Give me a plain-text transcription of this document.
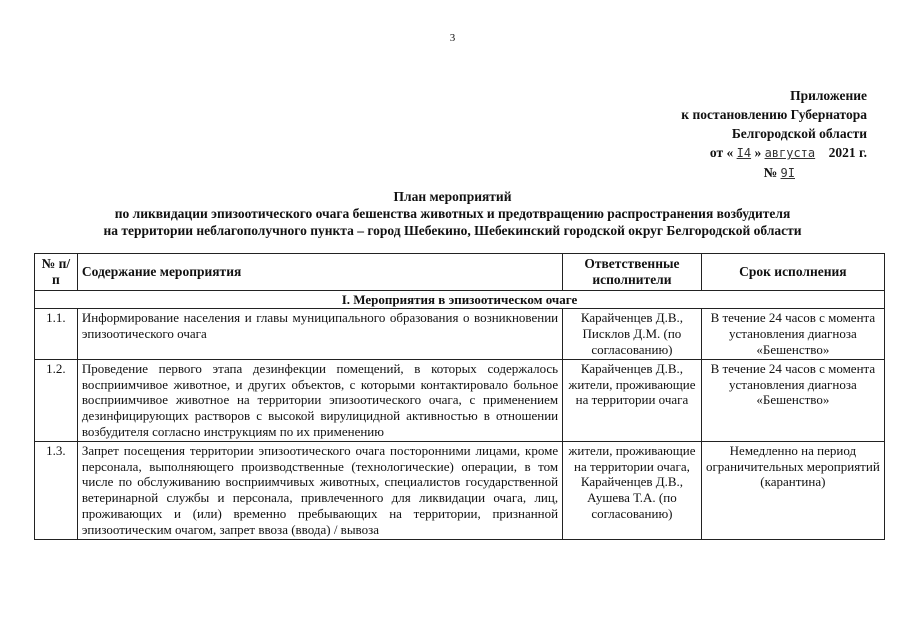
3
Приложение
к постановлению Губернатора
Белгородской области
от « I4 » августа 2021 г.
№ 9I
План мероприятий
по ликвидации эпизоотического очага бешенства животных и предотвращению распространения возбудителя
на территории неблагополучного пункта – город Шебекино, Шебекинский городской округ Белгородской области
№ п/п	Содержание мероприятия	Ответственные исполнители	Срок исполнения
I. Мероприятия в эпизоотическом очаге			
1.1.	Информирование населения и главы муниципального образования о возникновении эпизоотического очага	Карайченцев Д.В., Писклов Д.М. (по согласованию)	В течение 24 часов с момента установления диагноза «Бешенство»
1.2.	Проведение первого этапа дезинфекции помещений, в которых содержалось восприимчивое животное, и других объектов, с которыми контактировало больное восприимчивое животное на территории эпизоотического очага, с применением дезинфицирующих растворов с высокой вирулицидной активностью в отношении возбудителя согласно инструкциям по их применению	Карайченцев Д.В., жители, проживающие на территории очага	В течение 24 часов с момента установления диагноза «Бешенство»
1.3.	Запрет посещения территории эпизоотического очага посторонними лицами, кроме персонала, выполняющего производственные (технологические) операции, в том числе по обслуживанию восприимчивых животных, специалистов государственной ветеринарной службы и персонала, привлеченного для ликвидации очага, лиц, проживающих и (или) временно пребывающих на территории, признанной эпизоотическим очагом, запрет ввоза (ввода) / вывоза	жители, проживающие на территории очага, Карайченцев Д.В., Аушева Т.А. (по согласованию)	Немедленно на период ограничительных мероприятий (карантина)
